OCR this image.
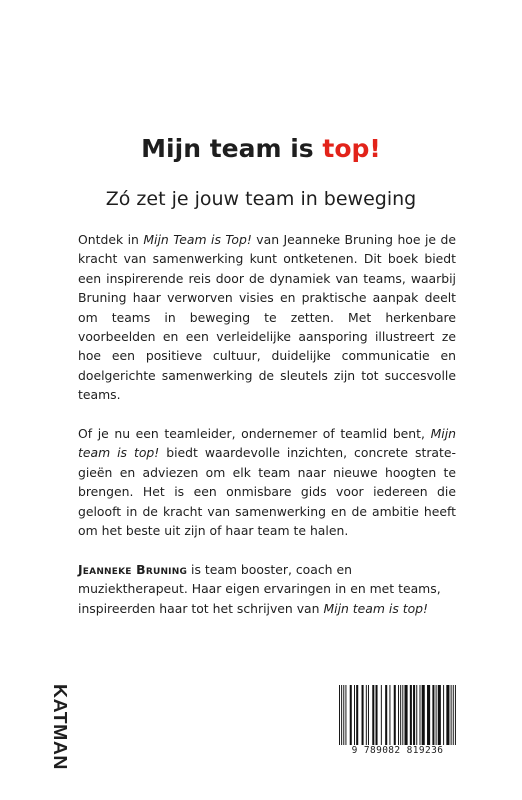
Mijn team is top!
Zó zet je jouw team in beweging

Ontdek in Mijn Team is Top! van Jeanneke Bruning hoe je de kracht van samenwerking kunt ontketenen. Dit boek biedt een inspirerende reis door de dynamiek van teams, waarbij Bruning haar verworven visies en praktische aanpak deelt om teams in beweging te zetten. Met herkenbare voorbeelden en een verleidelijke aansporing illustreert ze hoe een positieve cultuur, duidelijke communicatie en doelgerichte samenwerking de sleutels zijn tot succesvolle teams.

Of je nu een teamleider, ondernemer of teamlid bent, Mijn team is top! biedt waardevolle inzichten, concrete strategieën en adviezen om elk team naar nieuwe hoogten te brengen. Het is een onmisbare gids voor iedereen die gelooft in de kracht van samenwerking en de ambitie heeft om het beste uit zijn of haar team te halen.

Jeanneke Bruning is team booster, coach en muziektherapeut. Haar eigen ervaringen in en met teams, inspireerden haar tot het schrijven van Mijn team is top!

KATMAN	9 789082 819236
